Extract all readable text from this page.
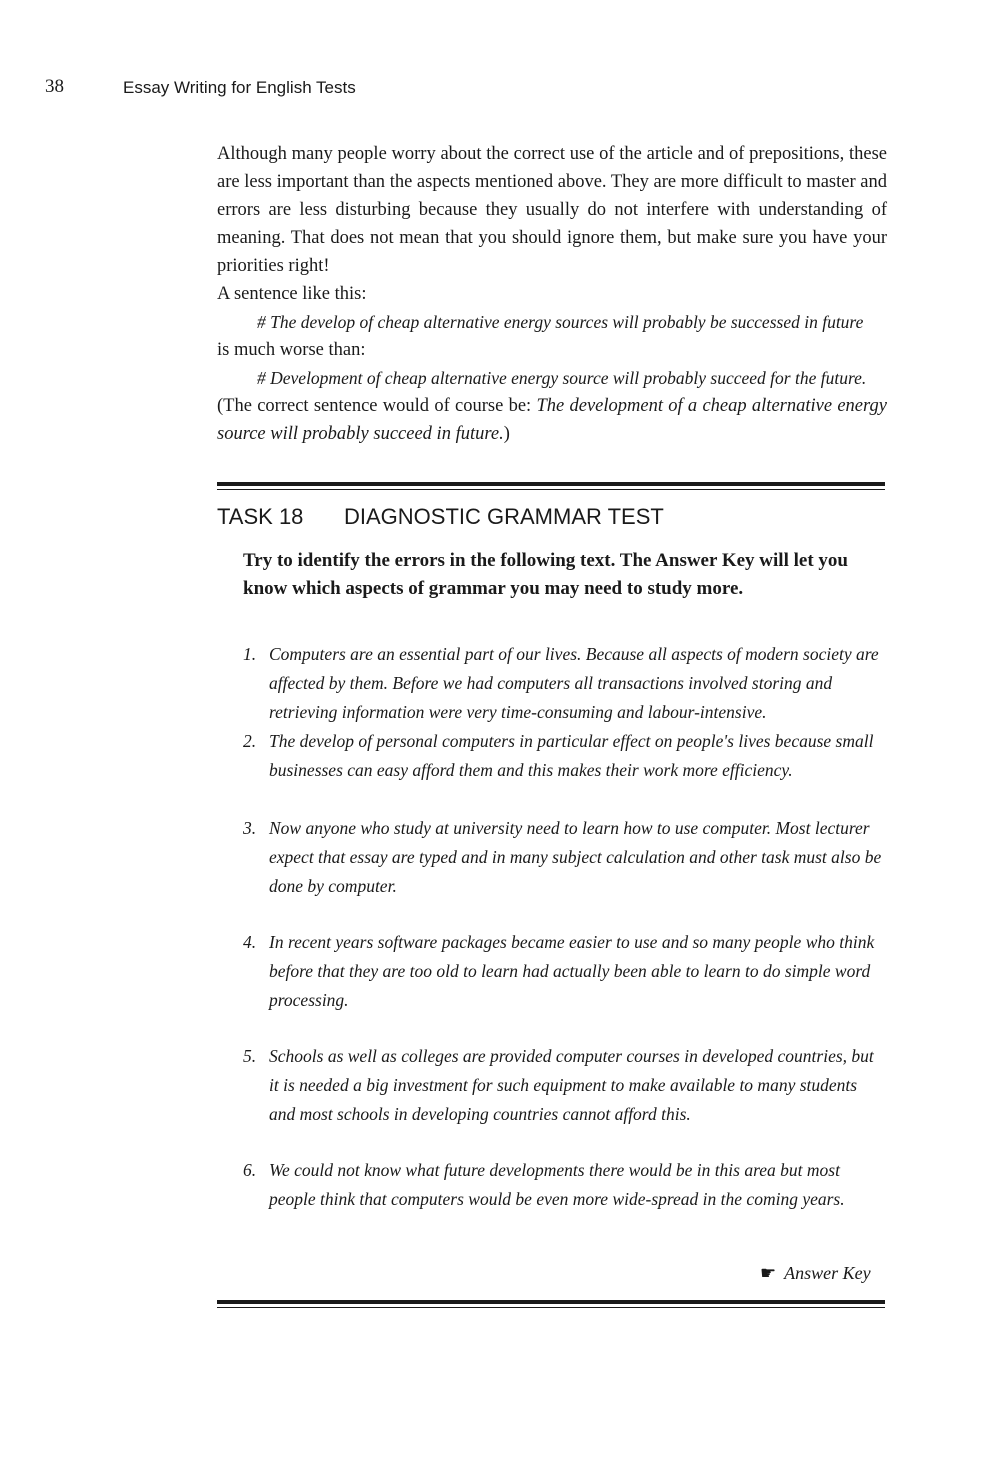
38	Essay Writing for English Tests

Although many people worry about the correct use of the article and of prepositions, these are less important than the aspects mentioned above. They are more difficult to master and errors are less disturbing because they usually do not interfere with understanding of meaning. That does not mean that you should ignore them, but make sure you have your priorities right!

A sentence like this:

# The develop of cheap alternative energy sources will probably be successed in future

is much worse than:

# Development of cheap alternative energy source will probably succeed for the future.

(The correct sentence would of course be: The development of a cheap alternative energy source will probably succeed in future.)

TASK 18 DIAGNOSTIC GRAMMAR TEST
Try to identify the errors in the following text. The Answer Key will let you know which aspects of grammar you may need to study more.
1. Computers are an essential part of our lives. Because all aspects of modern society are affected by them. Before we had computers all transactions involved storing and retrieving information were very time-consuming and labour-intensive.
2. The develop of personal computers in particular effect on people's lives because small businesses can easy afford them and this makes their work more efficiency.
3. Now anyone who study at university need to learn how to use computer. Most lecturer expect that essay are typed and in many subject calculation and other task must also be done by computer.
4. In recent years software packages became easier to use and so many people who think before that they are too old to learn had actually been able to learn to do simple word processing.
5. Schools as well as colleges are provided computer courses in developed countries, but it is needed a big investment for such equipment to make available to many students and most schools in developing countries cannot afford this.
6. We could not know what future developments there would be in this area but most people think that computers would be even more wide-spread in the coming years.
☛ Answer Key
